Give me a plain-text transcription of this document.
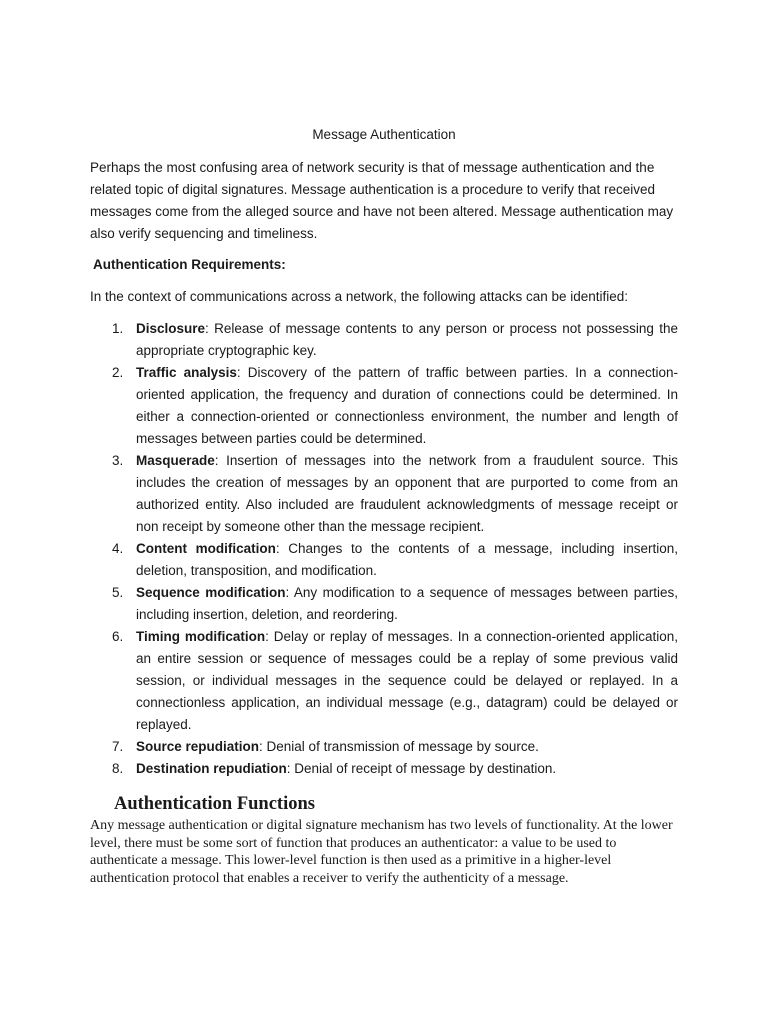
Message Authentication

Perhaps the most confusing area of network security is that of message authentication and the related topic of digital signatures. Message authentication is a procedure to verify that received messages come from the alleged source and have not been altered. Message authentication may also verify sequencing and timeliness.

Authentication Requirements:

In the context of communications across a network, the following attacks can be identified:

1. Disclosure: Release of message contents to any person or process not possessing the appropriate cryptographic key.
2. Traffic analysis: Discovery of the pattern of traffic between parties. In a connection-oriented application, the frequency and duration of connections could be determined. In either a connection-oriented or connectionless environment, the number and length of messages between parties could be determined.
3. Masquerade: Insertion of messages into the network from a fraudulent source. This includes the creation of messages by an opponent that are purported to come from an authorized entity. Also included are fraudulent acknowledgments of message receipt or non receipt by someone other than the message recipient.
4. Content modification: Changes to the contents of a message, including insertion, deletion, transposition, and modification.
5. Sequence modification: Any modification to a sequence of messages between parties, including insertion, deletion, and reordering.
6. Timing modification: Delay or replay of messages. In a connection-oriented application, an entire session or sequence of messages could be a replay of some previous valid session, or individual messages in the sequence could be delayed or replayed. In a connectionless application, an individual message (e.g., datagram) could be delayed or replayed.
7. Source repudiation: Denial of transmission of message by source.
8. Destination repudiation: Denial of receipt of message by destination.
Authentication Functions

Any message authentication or digital signature mechanism has two levels of functionality. At the lower level, there must be some sort of function that produces an authenticator: a value to be used to authenticate a message. This lower-level function is then used as a primitive in a higher-level authentication protocol that enables a receiver to verify the authenticity of a message.
